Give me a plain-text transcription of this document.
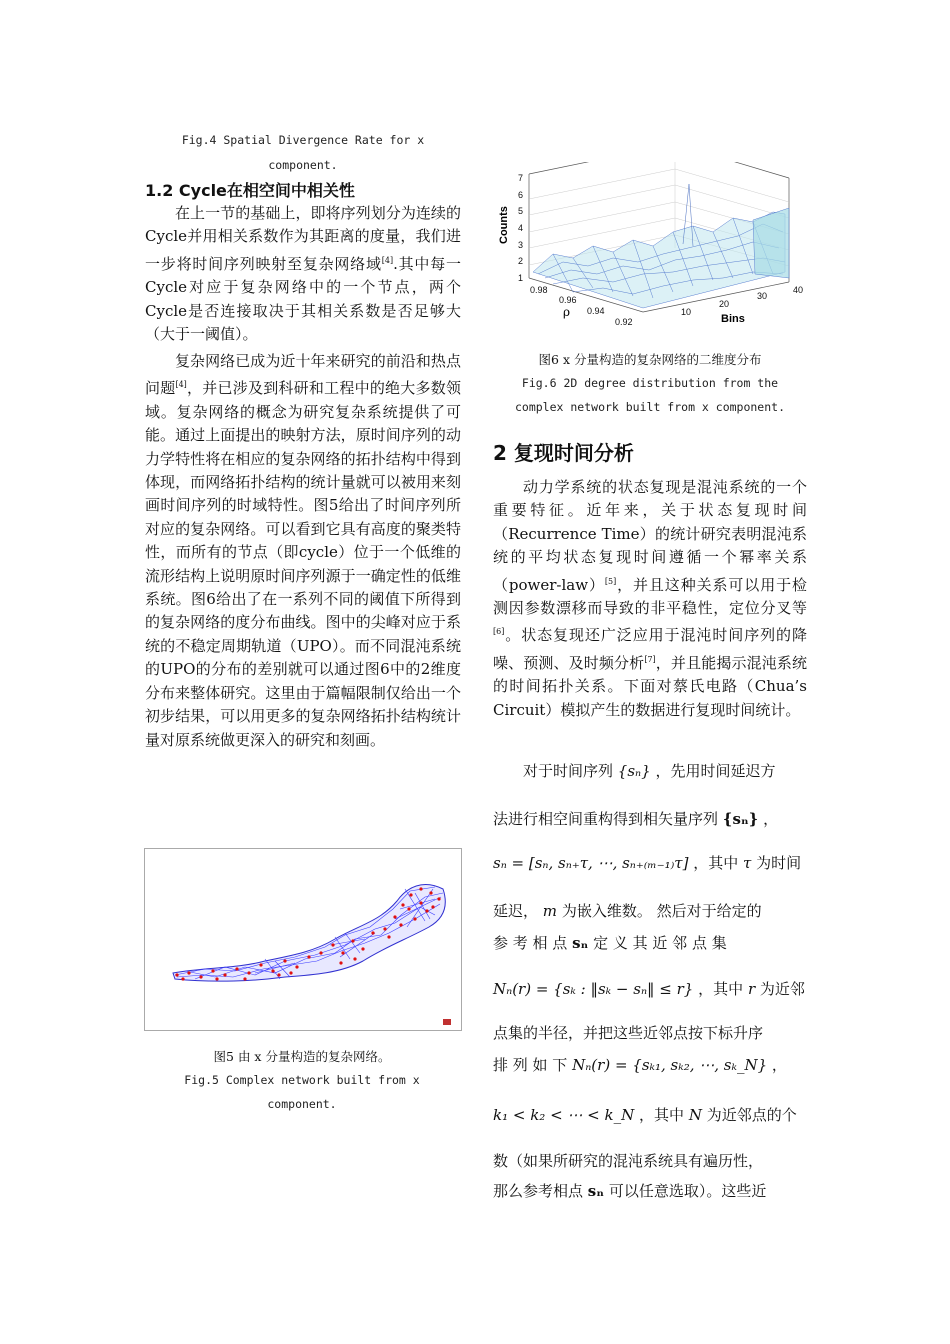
Fig.4 Spatial Divergence Rate for x

component.

1.2 Cycle在相空间中相关性

在上一节的基础上，即将序列划分为连续的Cycle并用相关系数作为其距离的度量，我们进一步将时间序列映射至复杂网络域[4].其中每一Cycle对应于复杂网络中的一个节点，两个Cycle是否连接取决于其相关系数是否足够大（大于一阈值）。

复杂网络已成为近十年来研究的前沿和热点问题[4]，并已涉及到科研和工程中的绝大多数领域。复杂网络的概念为研究复杂系统提供了可能。通过上面提出的映射方法，原时间序列的动力学特性将在相应的复杂网络的拓扑结构中得到体现，而网络拓扑结构的统计量就可以被用来刻画时间序列的时域特性。图5给出了时间序列所对应的复杂网络。可以看到它具有高度的聚类特性，而所有的节点（即cycle）位于一个低维的流形结构上说明原时间序列源于一确定性的低维系统。图6给出了在一系列不同的阈值下所得到的复杂网络的度分布曲线。图中的尖峰对应于系统的不稳定周期轨道（UPO）。而不同混沌系统的UPO的分布的差别就可以通过图6中的2维度分布来整体研究。这里由于篇幅限制仅给出一个初步结果，可以用更多的复杂网络拓扑结构统计量对原系统做更深入的研究和刻画。

图5 由 x 分量构造的复杂网络。

Fig.5 Complex network built from x

component.

1
2
3
4
5
6
7
Counts
0.98
0.96
0.94
0.92
ρ	10
20
30
40
Bins

图6 x 分量构造的复杂网络的二维度分布

Fig.6 2D degree distribution from the

complex network built from x component.

2 复现时间分析

动力学系统的状态复现是混沌系统的一个重要特征。近年来，关于状态复现时间（Recurrence Time）的统计研究表明混沌系统的平均状态复现时间遵循一个幂率关系（power-law）[5]，并且这种关系可以用于检测因参数漂移而导致的非平稳性，定位分叉等[6]。状态复现还广泛应用于混沌时间序列的降噪、预测、及时频分析[7]，并且能揭示混沌系统的时间拓扑关系。下面对蔡氏电路（Chua’s Circuit）模拟产生的数据进行复现时间统计。

对于时间序列 {sₙ} ，先用时间延迟方
法进行相空间重构得到相矢量序列 {sₙ} ，
sₙ = [sₙ, sₙ₊τ, ⋯, sₙ₊₍ₘ₋₁₎τ] ，其中 τ 为时间
延迟， m 为嵌入维数。 然后对于给定的
参 考 相 点 sₙ 定 义 其 近 邻 点 集
Nₙ(r) = {sₖ : ‖sₖ − sₙ‖ ≤ r} ，其中 r 为近邻
点集的半径，并把这些近邻点按下标升序
排 列 如 下 Nₙ(r) = {sₖ₁, sₖ₂, ⋯, sₖ_N} ，
k₁ < k₂ < ⋯ < k_N ，其中 N 为近邻点的个
数（如果所研究的混沌系统具有遍历性，
那么参考相点 sₙ 可以任意选取）。这些近
